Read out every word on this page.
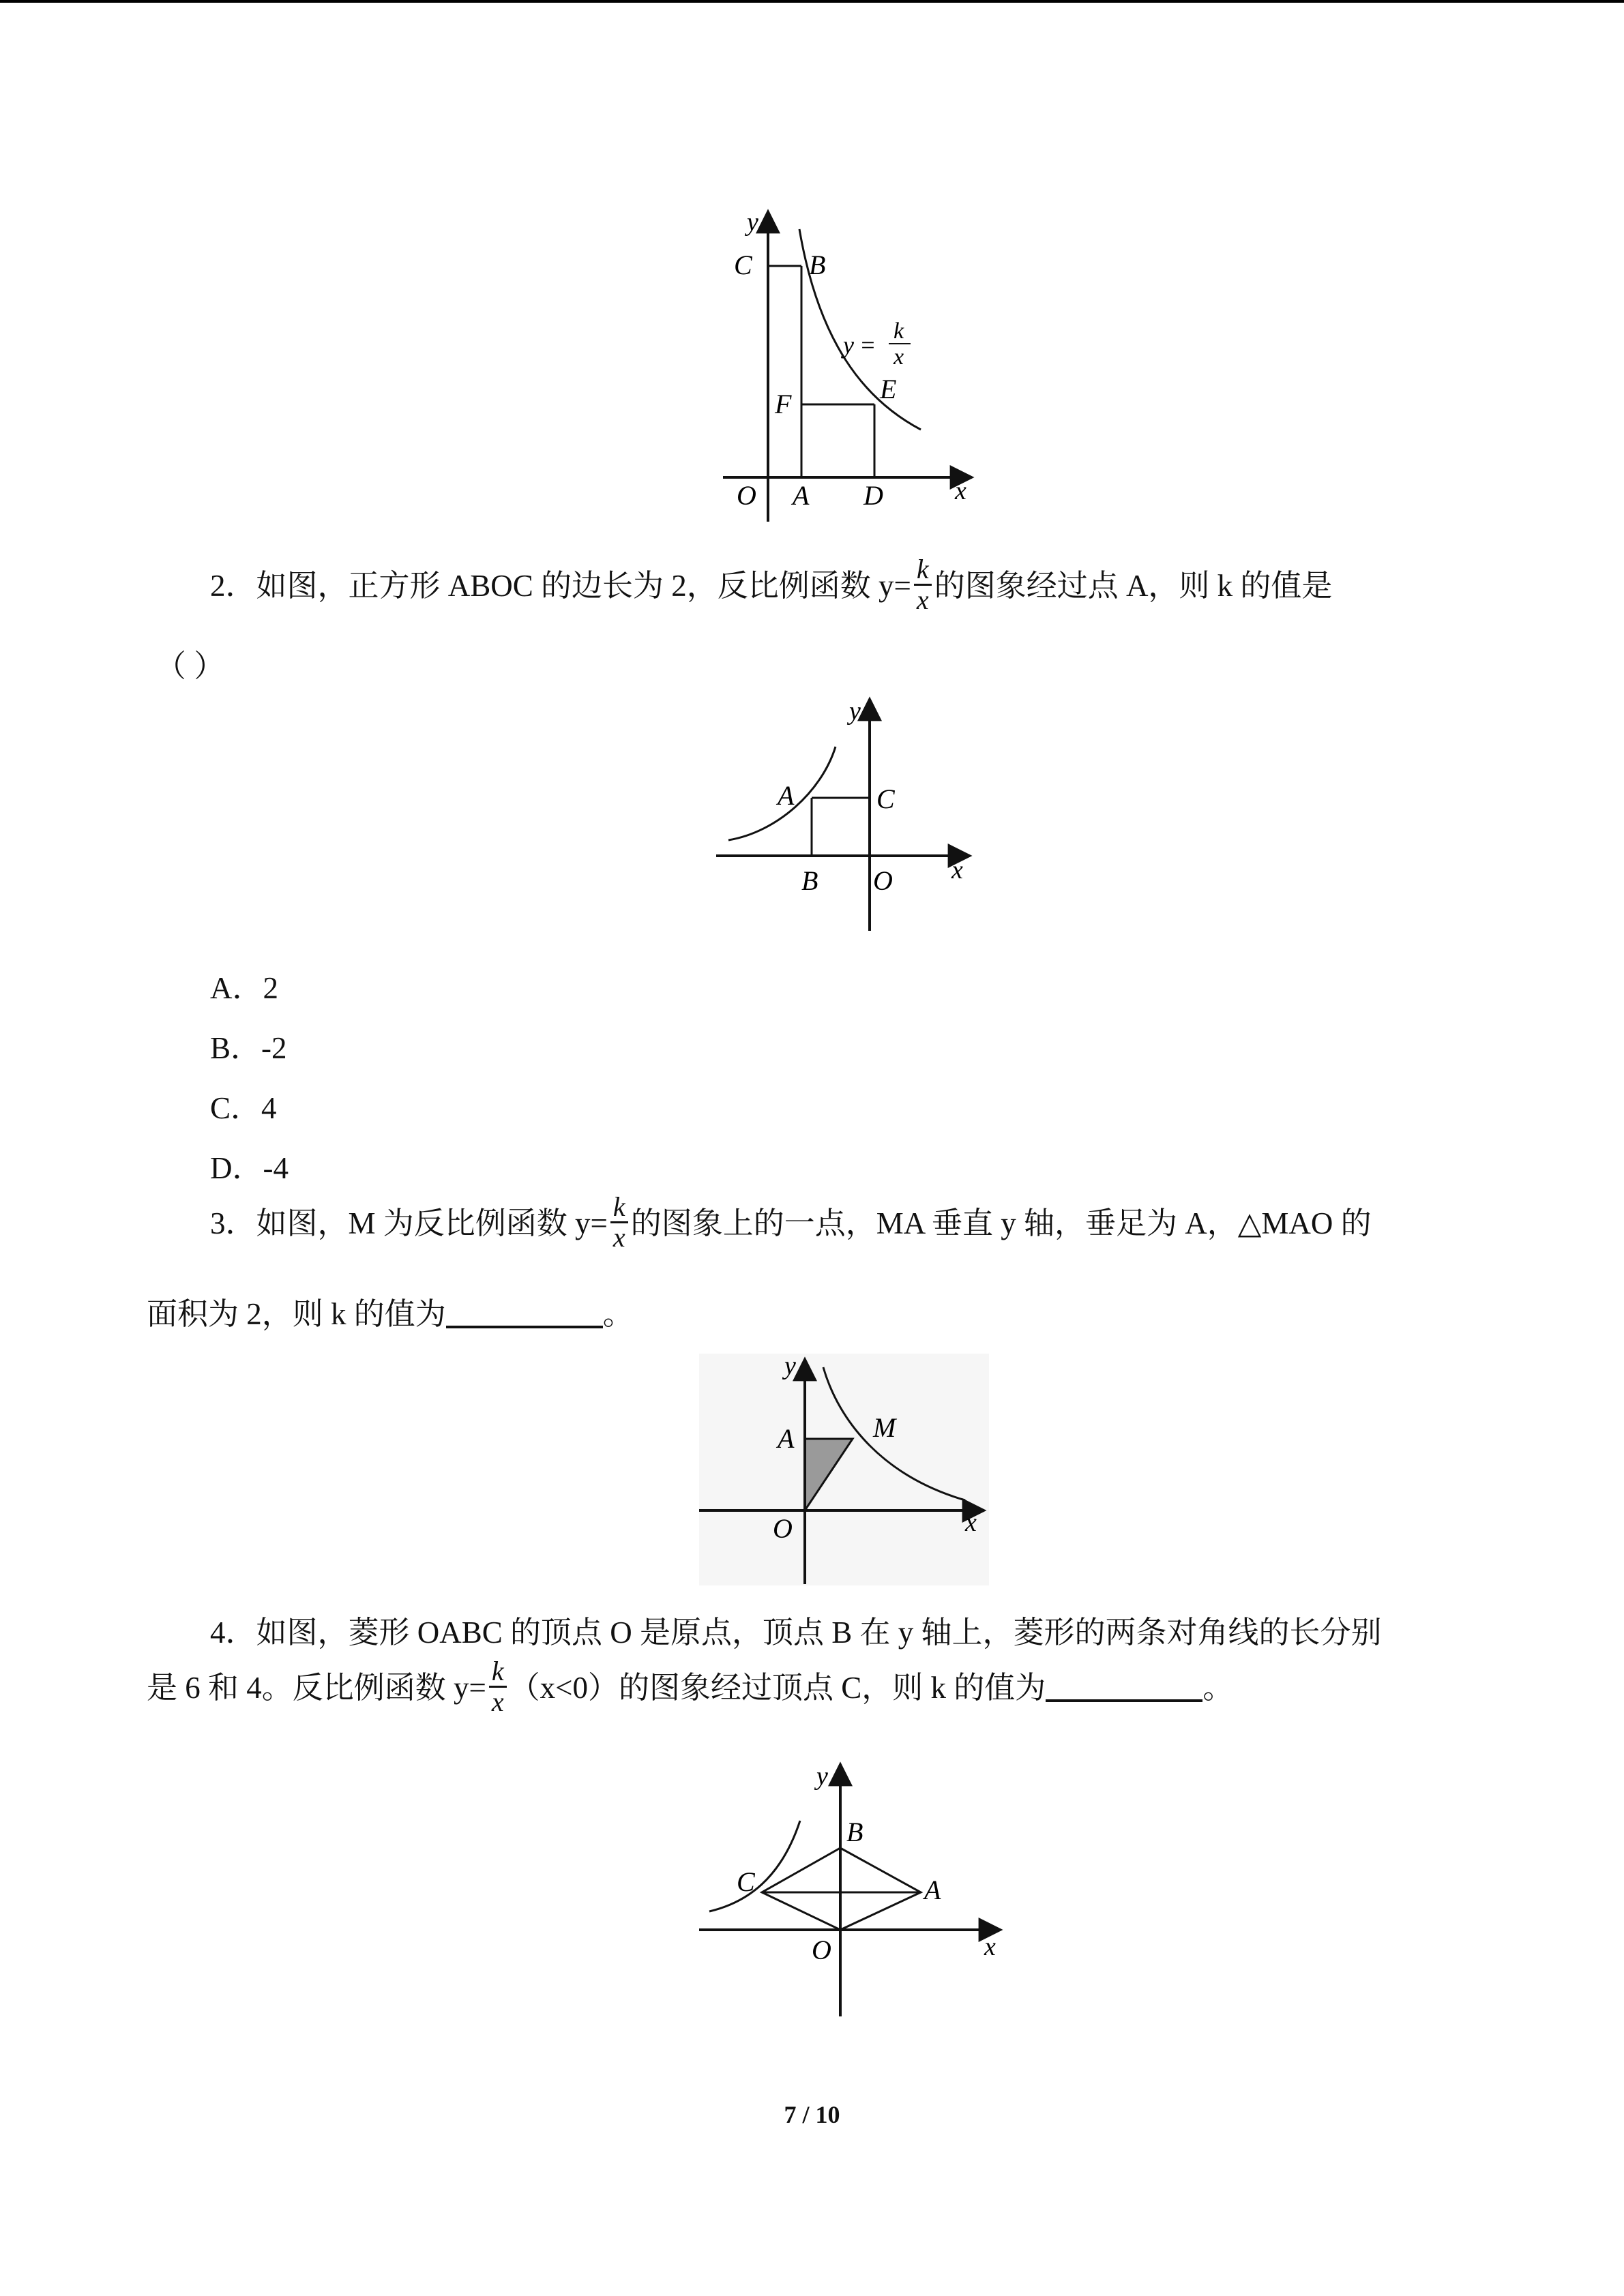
y
C B
F	E
O A D	x
y =
k
x
2．如图，正方形 ABOC 的边长为 2，反比例函数 $y= \frac{k}{x}$ 的图象经过点 A，则 k 的值是
（ ）
y
A	C
B O x
A．2
B．-2
C．4
D．-4
3．如图，M 为反比例函数 $y= \frac{k}{x}$ 的图象上的一点，MA 垂直 y 轴，垂足为 A，△MAO 的
面积为 2，则 k 的值为	。
y
A	M
O	x
4．如图，菱形 OABC 的顶点 O 是原点，顶点 B 在 y 轴上，菱形的两条对角线的长分别
是 6 和 4。反比例函数 $y= \frac{k}{x} (x<0)$的图象经过顶点 C，则 k 的值为	。
y
B
C	A
O	x
7 / 10
